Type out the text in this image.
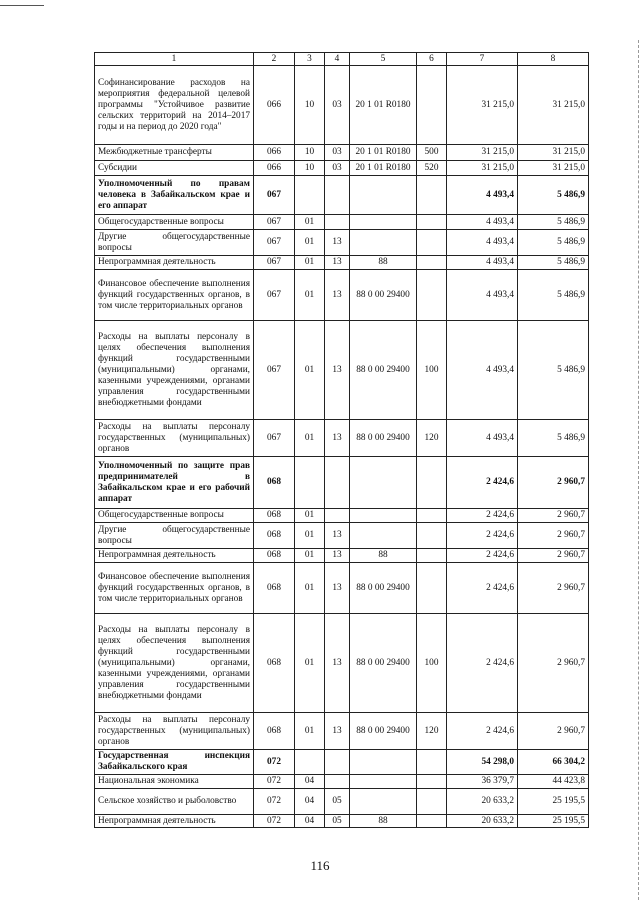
1	2	3	4	5	6	7	8
Софинансирование расходов на мероприятия федеральной целевой программы "Устойчивое развитие сельских территорий на 2014–2017 годы и на период до 2020 года"	066	10	03	20 1 01 R0180		31 215,0	31 215,0
Межбюджетные трансферты	066	10	03	20 1 01 R0180	500	31 215,0	31 215,0
Субсидии	066	10	03	20 1 01 R0180	520	31 215,0	31 215,0
Уполномоченный по правам человека в Забайкальском крае и его аппарат	067					4 493,4	5 486,9
Общегосударственные вопросы	067	01				4 493,4	5 486,9
Другие общегосударственные вопросы	067	01	13			4 493,4	5 486,9
Непрограммная деятельность	067	01	13	88		4 493,4	5 486,9
Финансовое обеспечение выполнения функций государственных органов, в том числе территориальных органов	067	01	13	88 0 00 29400		4 493,4	5 486,9
Расходы на выплаты персоналу в целях обеспечения выполнения функций государственными (муниципальными) органами, казенными учреждениями, органами управления государственными внебюджетными фондами	067	01	13	88 0 00 29400	100	4 493,4	5 486,9
Расходы на выплаты персоналу государственных (муниципальных) органов	067	01	13	88 0 00 29400	120	4 493,4	5 486,9
Уполномоченный по защите прав предпринимателей в Забайкальском крае и его рабочий аппарат	068					2 424,6	2 960,7
Общегосударственные вопросы	068	01				2 424,6	2 960,7
Другие общегосударственные вопросы	068	01	13			2 424,6	2 960,7
Непрограммная деятельность	068	01	13	88		2 424,6	2 960,7
Финансовое обеспечение выполнения функций государственных органов, в том числе территориальных органов	068	01	13	88 0 00 29400		2 424,6	2 960,7
Расходы на выплаты персоналу в целях обеспечения выполнения функций государственными (муниципальными) органами, казенными учреждениями, органами управления государственными внебюджетными фондами	068	01	13	88 0 00 29400	100	2 424,6	2 960,7
Расходы на выплаты персоналу государственных (муниципальных) органов	068	01	13	88 0 00 29400	120	2 424,6	2 960,7
Государственная инспекция Забайкальского края	072					54 298,0	66 304,2
Национальная экономика	072	04				36 379,7	44 423,8
Сельское хозяйство и рыболовство	072	04	05			20 633,2	25 195,5
Непрограммная деятельность	072	04	05	88		20 633,2	25 195,5
116
